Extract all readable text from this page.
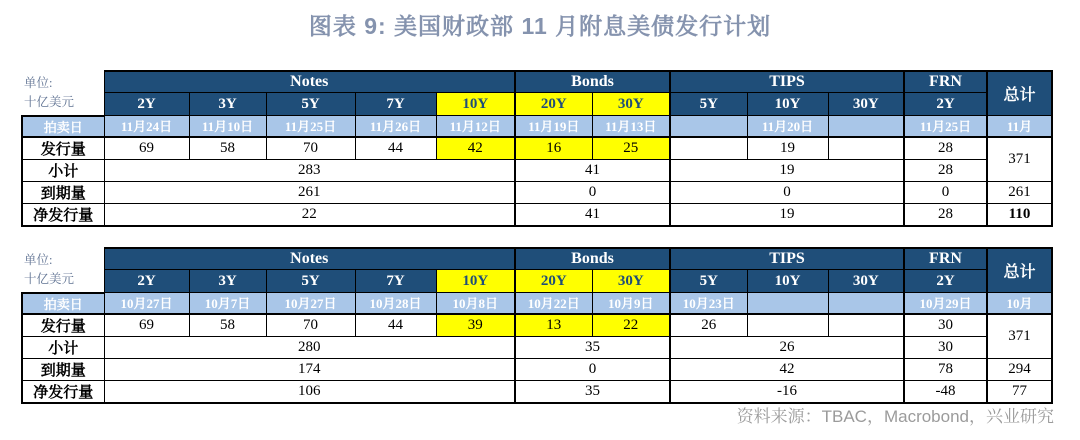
图表 9: 美国财政部 11 月附息美债发行计划
单位:
十亿美元	Notes					Bonds		TIPS			FRN	总计
	2Y	3Y	5Y	7Y	10Y	20Y	30Y	5Y	10Y	30Y	2Y	
拍卖日	11月24日	11月10日	11月25日	11月26日	11月12日	11月19日	11月13日		11月20日		11月25日	11月
发行量	69	58	70	44	42	16	25		19		28	371
小计	283					41		19			28	
到期量	261					0		0			0	261
净发行量	22					41		19			28	110
单位:
十亿美元	Notes					Bonds		TIPS			FRN	总计
	2Y	3Y	5Y	7Y	10Y	20Y	30Y	5Y	10Y	30Y	2Y	
拍卖日	10月27日	10月7日	10月27日	10月28日	10月8日	10月22日	10月9日	10月23日			10月29日	10月
发行量	69	58	70	44	39	13	22	26			30	371
小计	280					35		26			30	
到期量	174					0		42			78	294
净发行量	106					35		-16			-48	77
资料来源：TBAC，Macrobond，兴业研究
